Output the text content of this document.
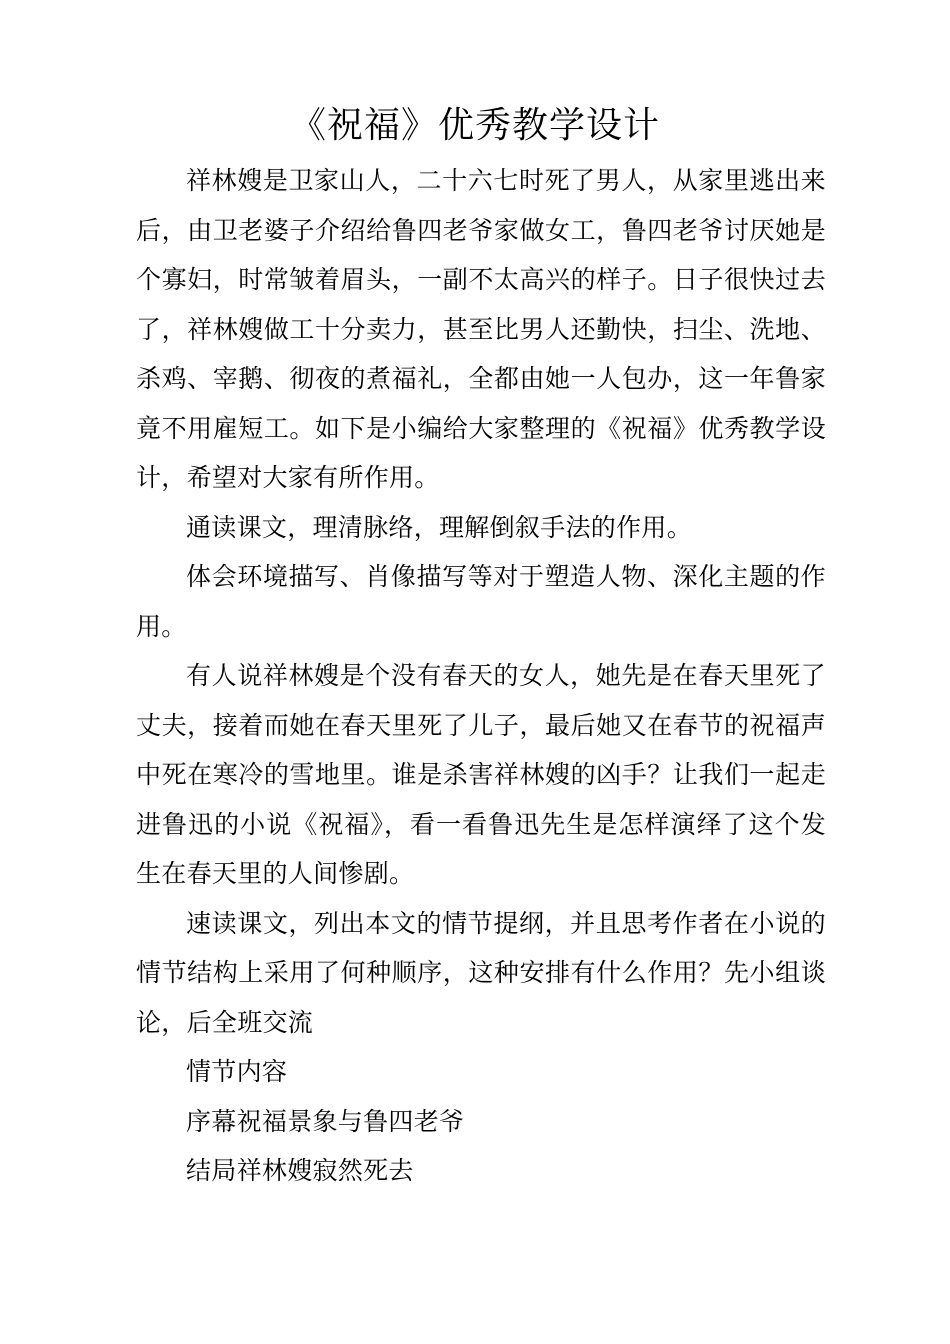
《祝福》优秀教学设计

祥林嫂是卫家山人，二十六七时死了男人，从家里逃出来后，由卫老婆子介绍给鲁四老爷家做女工，鲁四老爷讨厌她是个寡妇，时常皱着眉头，一副不太高兴的样子。日子很快过去了，祥林嫂做工十分卖力，甚至比男人还勤快，扫尘、洗地、杀鸡、宰鹅、彻夜的煮福礼，全都由她一人包办，这一年鲁家竟不用雇短工。如下是小编给大家整理的《祝福》优秀教学设计，希望对大家有所作用。

通读课文，理清脉络，理解倒叙手法的作用。

体会环境描写、肖像描写等对于塑造人物、深化主题的作用。

有人说祥林嫂是个没有春天的女人，她先是在春天里死了丈夫，接着而她在春天里死了儿子，最后她又在春节的祝福声中死在寒冷的雪地里。谁是杀害祥林嫂的凶手？让我们一起走进鲁迅的小说《祝福》，看一看鲁迅先生是怎样演绎了这个发生在春天里的人间惨剧。

速读课文，列出本文的情节提纲，并且思考作者在小说的情节结构上采用了何种顺序，这种安排有什么作用？先小组谈论，后全班交流

情节内容

序幕祝福景象与鲁四老爷

结局祥林嫂寂然死去
